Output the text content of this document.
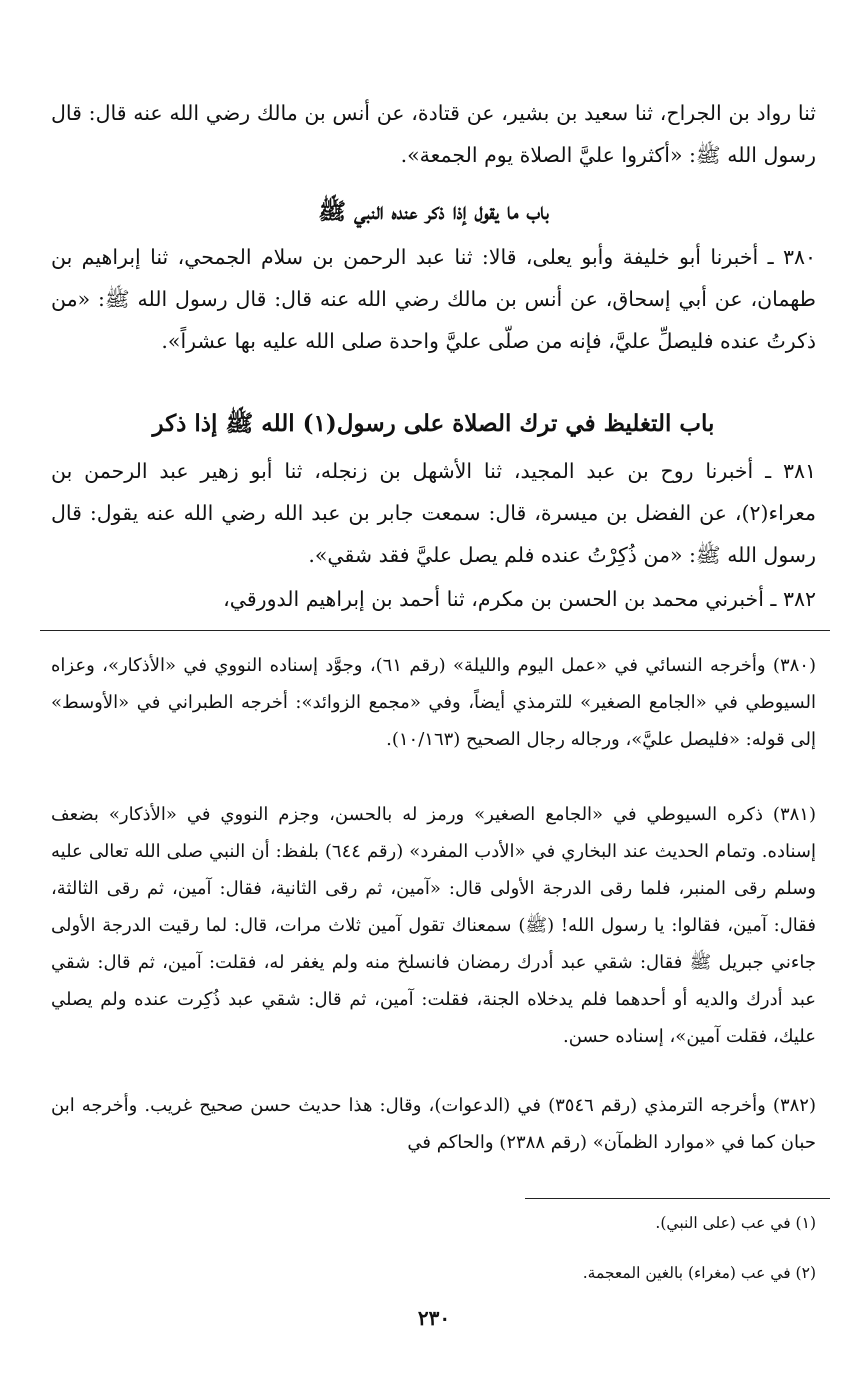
ثنا رواد بن الجراح، ثنا سعيد بن بشير، عن قتادة، عن أنس بن مالك رضي الله عنه قال: قال رسول الله ﷺ: «أكثروا عليَّ الصلاة يوم الجمعة».

باب ما يقول إذا ذكر عنده النبي ﷺ

٣٨٠ ـ أخبرنا أبو خليفة وأبو يعلى، قالا: ثنا عبد الرحمن بن سلام الجمحي، ثنا إبراهيم بن طهمان، عن أبي إسحاق، عن أنس بن مالك رضي الله عنه قال: قال رسول الله ﷺ: «من ذكرتُ عنده فليصلِّ عليَّ، فإنه من صلّى عليَّ واحدة صلى الله عليه بها عشراً».

باب التغليظ في ترك الصلاة على رسول(١) الله ﷺ إذا ذكر

٣٨١ ـ أخبرنا روح بن عبد المجيد، ثنا الأشهل بن زنجله، ثنا أبو زهير عبد الرحمن بن معراء(٢)، عن الفضل بن ميسرة، قال: سمعت جابر بن عبد الله رضي الله عنه يقول: قال رسول الله ﷺ: «من ذُكِرْتُ عنده فلم يصل عليَّ فقد شقي».

٣٨٢ ـ أخبرني محمد بن الحسن بن مكرم، ثنا أحمد بن إبراهيم الدورقي،

(٣٨٠) وأخرجه النسائي في «عمل اليوم والليلة» (رقم ٦١)، وجوَّد إسناده النووي في «الأذكار»، وعزاه السيوطي في «الجامع الصغير» للترمذي أيضاً، وفي «مجمع الزوائد»: أخرجه الطبراني في «الأوسط» إلى قوله: «فليصل عليَّ»، ورجاله رجال الصحيح (١٠/١٦٣).

(٣٨١) ذكره السيوطي في «الجامع الصغير» ورمز له بالحسن، وجزم النووي في «الأذكار» بضعف إسناده. وتمام الحديث عند البخاري في «الأدب المفرد» (رقم ٦٤٤) بلفظ: أن النبي صلى الله تعالى عليه وسلم رقى المنبر، فلما رقى الدرجة الأولى قال: «آمين، ثم رقى الثانية، فقال: آمين، ثم رقى الثالثة، فقال: آمين، فقالوا: يا رسول الله! (ﷺ) سمعناك تقول آمين ثلاث مرات، قال: لما رقيت الدرجة الأولى جاءني جبريل ﷺ فقال: شقي عبد أدرك رمضان فانسلخ منه ولم يغفر له، فقلت: آمين، ثم قال: شقي عبد أدرك والديه أو أحدهما فلم يدخلاه الجنة، فقلت: آمين، ثم قال: شقي عبد ذُكِرت عنده ولم يصلي عليك، فقلت آمين»، إسناده حسن.

(٣٨٢) وأخرجه الترمذي (رقم ٣٥٤٦) في (الدعوات)، وقال: هذا حديث حسن صحيح غريب. وأخرجه ابن حبان كما في «موارد الظمآن» (رقم ٢٣٨٨) والحاكم في

(١) في عب (على النبي).

(٢) في عب (مغراء) بالغين المعجمة.

٢٣٠
